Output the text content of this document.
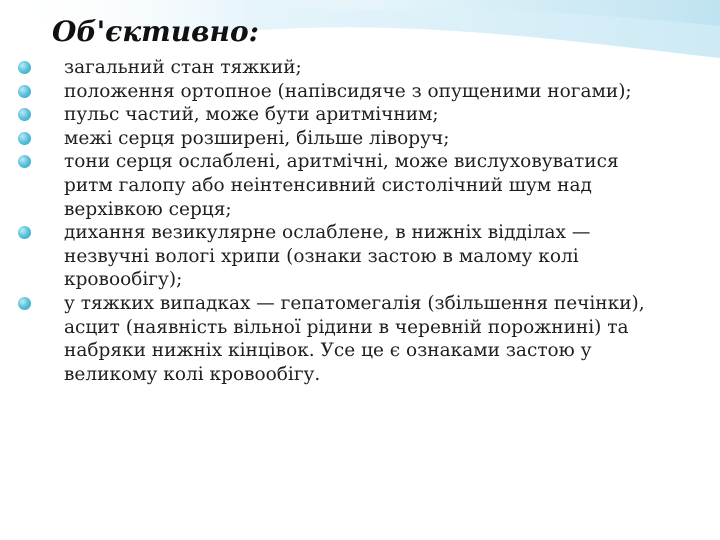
Об'єктивно:
загальний стан тяжкий;
положення ортопное (напівсидяче з опущеними ногами);
пульс частий, може бути аритмічним;
межі серця розширені, більше ліворуч;
тони серця ослаблені, аритмічні, може вислуховуватися ритм галопу або неінтенсивний систолічний шум над верхівкою серця;
дихання везикулярне ослаблене, в нижніх відділах — незвучні вологі хрипи (ознаки застою в малому колі кровообігу);
у тяжких випадках — гепатомегалія (збільшення печінки), асцит (наявність вільної рідини в черевній порожнині) та набряки нижніх кінцівок. Усе це є ознаками застою у великому колі кровообігу.
